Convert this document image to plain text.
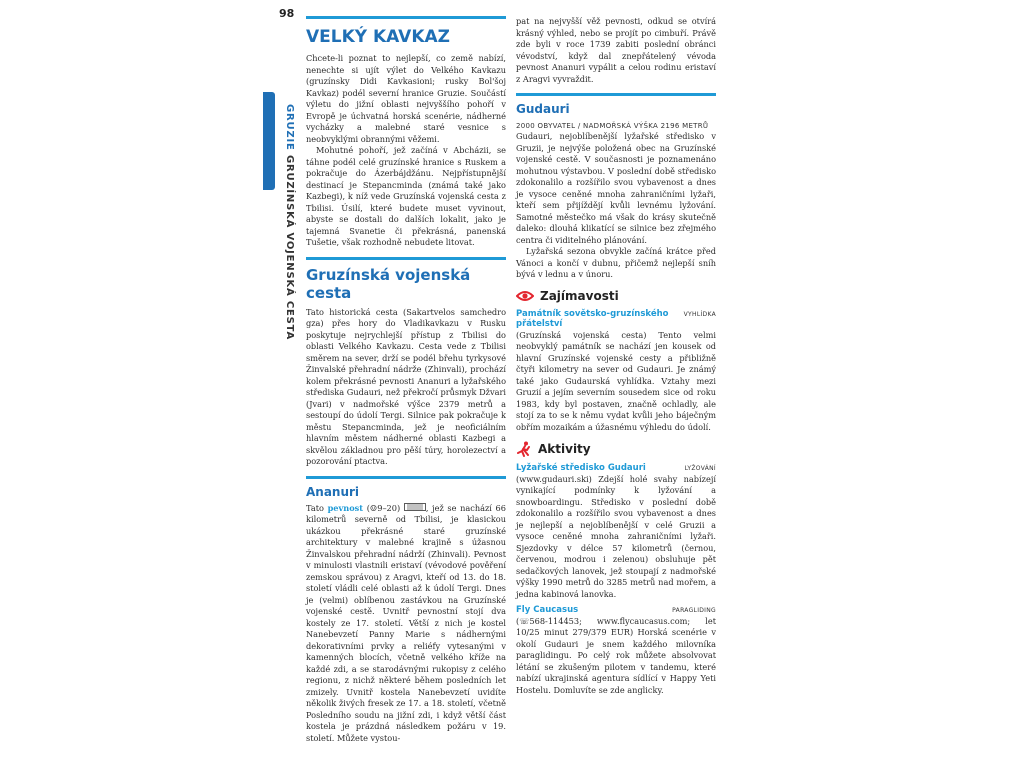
98
GRUZIE GRUZÍNSKÁ VOJENSKÁ CESTA
VELKÝ KAVKAZ

Chcete-li poznat to nejlepší, co země nabízí, nenechte si ujít výlet do Velkého Kavkazu (gruzínsky Didi Kavkasioni; rusky Bol'šoj Kavkaz) podél severní hranice Gruzie. Součástí výletu do jižní oblasti nejvyššího pohoří v Evropě je úchvatná horská scenérie, nádherné vycházky a malebné staré vesnice s neobvyklými obrannými věžemi.

Mohutné pohoří, jež začíná v Abcházii, se táhne podél celé gruzínské hranice s Ruskem a pokračuje do Ázerbájdžánu. Nejpřístupnější destinací je Stepancminda (známá také jako Kazbegi), k níž vede Gruzínská vojenská cesta z Tbilisi. Úsilí, které budete muset vyvinout, abyste se dostali do dalších lokalit, jako je tajemná Svanetie či překrásná, panenská Tušetie, však rozhodně nebudete litovat.

Gruzínská vojenská cesta

Tato historická cesta (Sakartvelos samchedro gza) přes hory do Vladikavkazu v Rusku poskytuje nejrychlejší přístup z Tbilisi do oblasti Velkého Kavkazu. Cesta vede z Tbilisi směrem na sever, drží se podél břehu tyrkysové Žinvalské přehradní nádrže (Zhinvali), prochází kolem překrásné pevnosti Ananuri a lyžařského střediska Gudauri, než překročí průsmyk Džvari (Jvari) v nadmořské výšce 2379 metrů a sestoupí do údolí Tergi. Silnice pak pokračuje k městu Stepancminda, jež je neoficiálním hlavním městem nádherné oblasti Kazbegi a skvělou základnou pro pěší túry, horolezectví a pozorování ptactva.

Ananuri

Tato pevnost (☺9–20)	, jež se nachází 66 kilometrů severně od Tbilisi, je klasickou ukázkou překrásné staré gruzínské architektury v malebné krajině s úžasnou Žinvalskou přehradní nádrží (Zhinvali). Pevnost v minulosti vlastnili eristaví (vévodové pověření zemskou správou) z Aragvi, kteří od 13. do 18. století vládli celé oblasti až k údolí Tergi. Dnes je (velmi) oblíbenou zastávkou na Gruzínské vojenské cestě. Uvnitř pevnostní stojí dva kostely ze 17. století. Větší z nich je kostel Nanebevzetí Panny Marie s nádhernými dekorativními prvky a reliéfy vytesanými v kamenných blocích, včetně velkého kříže na každé zdi, a se starodávnými rukopisy z celého regionu, z nichž některé během posledních let zmizely. Uvnitř kostela Nanebevzetí uvidíte několik živých fresek ze 17. a 18. století, včetně Posledního soudu na jižní zdi, i když větší část kostela je prázdná následkem požáru v 19. století. Můžete vystou-

pat na nejvyšší věž pevnosti, odkud se otvírá krásný výhled, nebo se projít po cimbuří. Právě zde byli v roce 1739 zabiti poslední obránci vévodství, když dal znepřátelený vévoda pevnost Ananuri vypálit a celou rodinu eristaví z Aragvi vyvraždit.

Gudauri
2000 OBYVATEL / NADMOŘSKÁ VÝŠKA 2196 METRŮ

Gudauri, nejoblíbenější lyžařské středisko v Gruzii, je nejvýše položená obec na Gruzínské vojenské cestě. V současnosti je poznamenáno mohutnou výstavbou. V poslední době středisko zdokonalilo a rozšířilo svou vybavenost a dnes je vysoce ceněné mnoha zahraničními lyžaři, kteří sem přijíždějí kvůli levnému lyžování. Samotné městečko má však do krásy skutečně daleko: dlouhá klikatící se silnice bez zřejmého centra či viditelného plánování.

Lyžařská sezona obvykle začíná krátce před Vánoci a končí v dubnu, přičemž nejlepší sníh bývá v lednu a v únoru.

Zajímavosti
Památník sovětsko-gruzínského přátelství
VYHLÍDKA

(Gruzínská vojenská cesta) Tento velmi neobvyklý památník se nachází jen kousek od hlavní Gruzínské vojenské cesty a přibližně čtyři kilometry na sever od Gudauri. Je známý také jako Gudaurská vyhlídka. Vztahy mezi Gruzií a jejím severním sousedem sice od roku 1983, kdy byl postaven, značně ochladly, ale stojí za to se k němu vydat kvůli jeho báječným obřím mozaikám a úžasnému výhledu do údolí.

Aktivity
Lyžařské středisko Gudauri	LYŽOVÁNÍ

(www.gudauri.ski) Zdejší holé svahy nabízejí vynikající podmínky k lyžování a snowboardingu. Středisko v poslední době zdokonalilo a rozšířilo svou vybavenost a dnes je nejlepší a nejoblíbenější v celé Gruzii a vysoce ceněné mnoha zahraničními lyžaři. Sjezdovky v délce 57 kilometrů (černou, červenou, modrou i zelenou) obsluhuje pět sedačkových lanovek, jež stoupají z nadmořské výšky 1990 metrů do 3285 metrů nad mořem, a jedna kabinová lanovka.

Fly Caucasus	PARAGLIDING

(☏568-114453; www.flycaucasus.com; let 10/25 minut 279/379 EUR) Horská scenérie v okolí Gudauri je snem každého milovníka paraglidingu. Po celý rok můžete absolvovat létání se zkušeným pilotem v tandemu, které nabízí ukrajinská agentura sídlící v Happy Yeti Hostelu. Domluvíte se zde anglicky.
